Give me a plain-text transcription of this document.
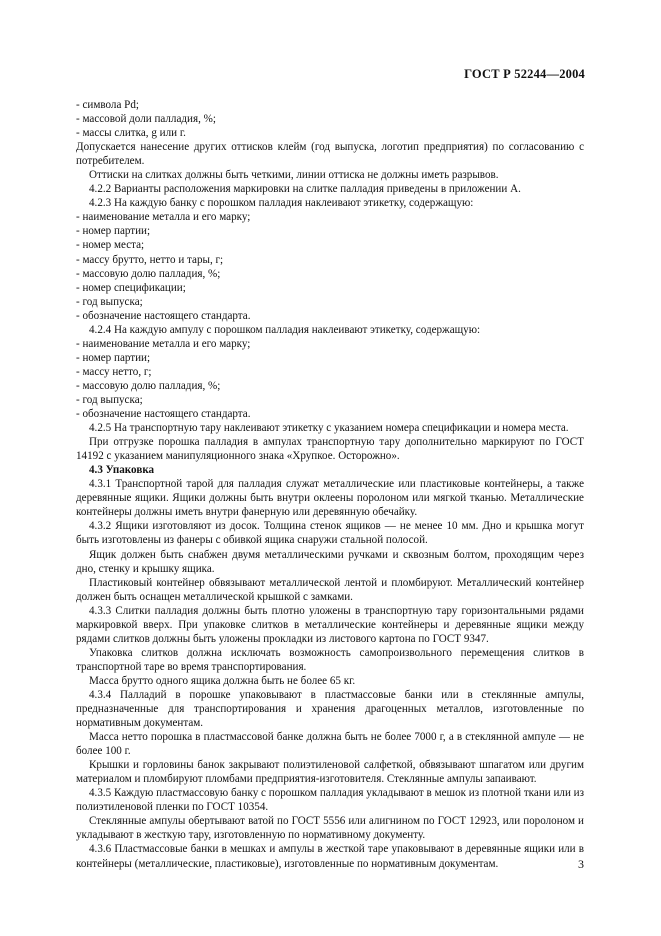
ГОСТ Р 52244—2004

- символа Pd;

- массовой доли палладия, %;

- массы слитка, g или г.

Допускается нанесение других оттисков клейм (год выпуска, логотип предприятия) по согласованию с потребителем.

Оттиски на слитках должны быть четкими, линии оттиска не должны иметь разрывов.

4.2.2 Варианты расположения маркировки на слитке палладия приведены в приложении А.

4.2.3 На каждую банку с порошком палладия наклеивают этикетку, содержащую:

- наименование металла и его марку;

- номер партии;

- номер места;

- массу брутто, нетто и тары, г;

- массовую долю палладия, %;

- номер спецификации;

- год выпуска;

- обозначение настоящего стандарта.

4.2.4 На каждую ампулу с порошком палладия наклеивают этикетку, содержащую:

- наименование металла и его марку;

- номер партии;

- массу нетто, г;

- массовую долю палладия, %;

- год выпуска;

- обозначение настоящего стандарта.

4.2.5 На транспортную тару наклеивают этикетку с указанием номера спецификации и номера места.

При отгрузке порошка палладия в ампулах транспортную тару дополнительно маркируют по ГОСТ 14192 с указанием манипуляционного знака «Хрупкое. Осторожно».

4.3 Упаковка

4.3.1 Транспортной тарой для палладия служат металлические или пластиковые контейнеры, а также деревянные ящики. Ящики должны быть внутри оклеены поролоном или мягкой тканью. Металлические контейнеры должны иметь внутри фанерную или деревянную обечайку.

4.3.2 Ящики изготовляют из досок. Толщина стенок ящиков — не менее 10 мм. Дно и крышка могут быть изготовлены из фанеры с обивкой ящика снаружи стальной полосой.

Ящик должен быть снабжен двумя металлическими ручками и сквозным болтом, проходящим через дно, стенку и крышку ящика.

Пластиковый контейнер обвязывают металлической лентой и пломбируют. Металлический контейнер должен быть оснащен металлической крышкой с замками.

4.3.3 Слитки палладия должны быть плотно уложены в транспортную тару горизонтальными рядами маркировкой вверх. При упаковке слитков в металлические контейнеры и деревянные ящики между рядами слитков должны быть уложены прокладки из листового картона по ГОСТ 9347.

Упаковка слитков должна исключать возможность самопроизвольного перемещения слитков в транспортной таре во время транспортирования.

Масса брутто одного ящика должна быть не более 65 кг.

4.3.4 Палладий в порошке упаковывают в пластмассовые банки или в стеклянные ампулы, предназначенные для транспортирования и хранения драгоценных металлов, изготовленные по нормативным документам.

Масса нетто порошка в пластмассовой банке должна быть не более 7000 г, а в стеклянной ампуле — не более 100 г.

Крышки и горловины банок закрывают полиэтиленовой салфеткой, обвязывают шпагатом или другим материалом и пломбируют пломбами предприятия-изготовителя. Стеклянные ампулы запаивают.

4.3.5 Каждую пластмассовую банку с порошком палладия укладывают в мешок из плотной ткани или из полиэтиленовой пленки по ГОСТ 10354.

Стеклянные ампулы обертывают ватой по ГОСТ 5556 или алигнином по ГОСТ 12923, или поролоном и укладывают в жесткую тару, изготовленную по нормативному документу.

4.3.6 Пластмассовые банки в мешках и ампулы в жесткой таре упаковывают в деревянные ящики или в контейнеры (металлические, пластиковые), изготовленные по нормативным документам.	3
